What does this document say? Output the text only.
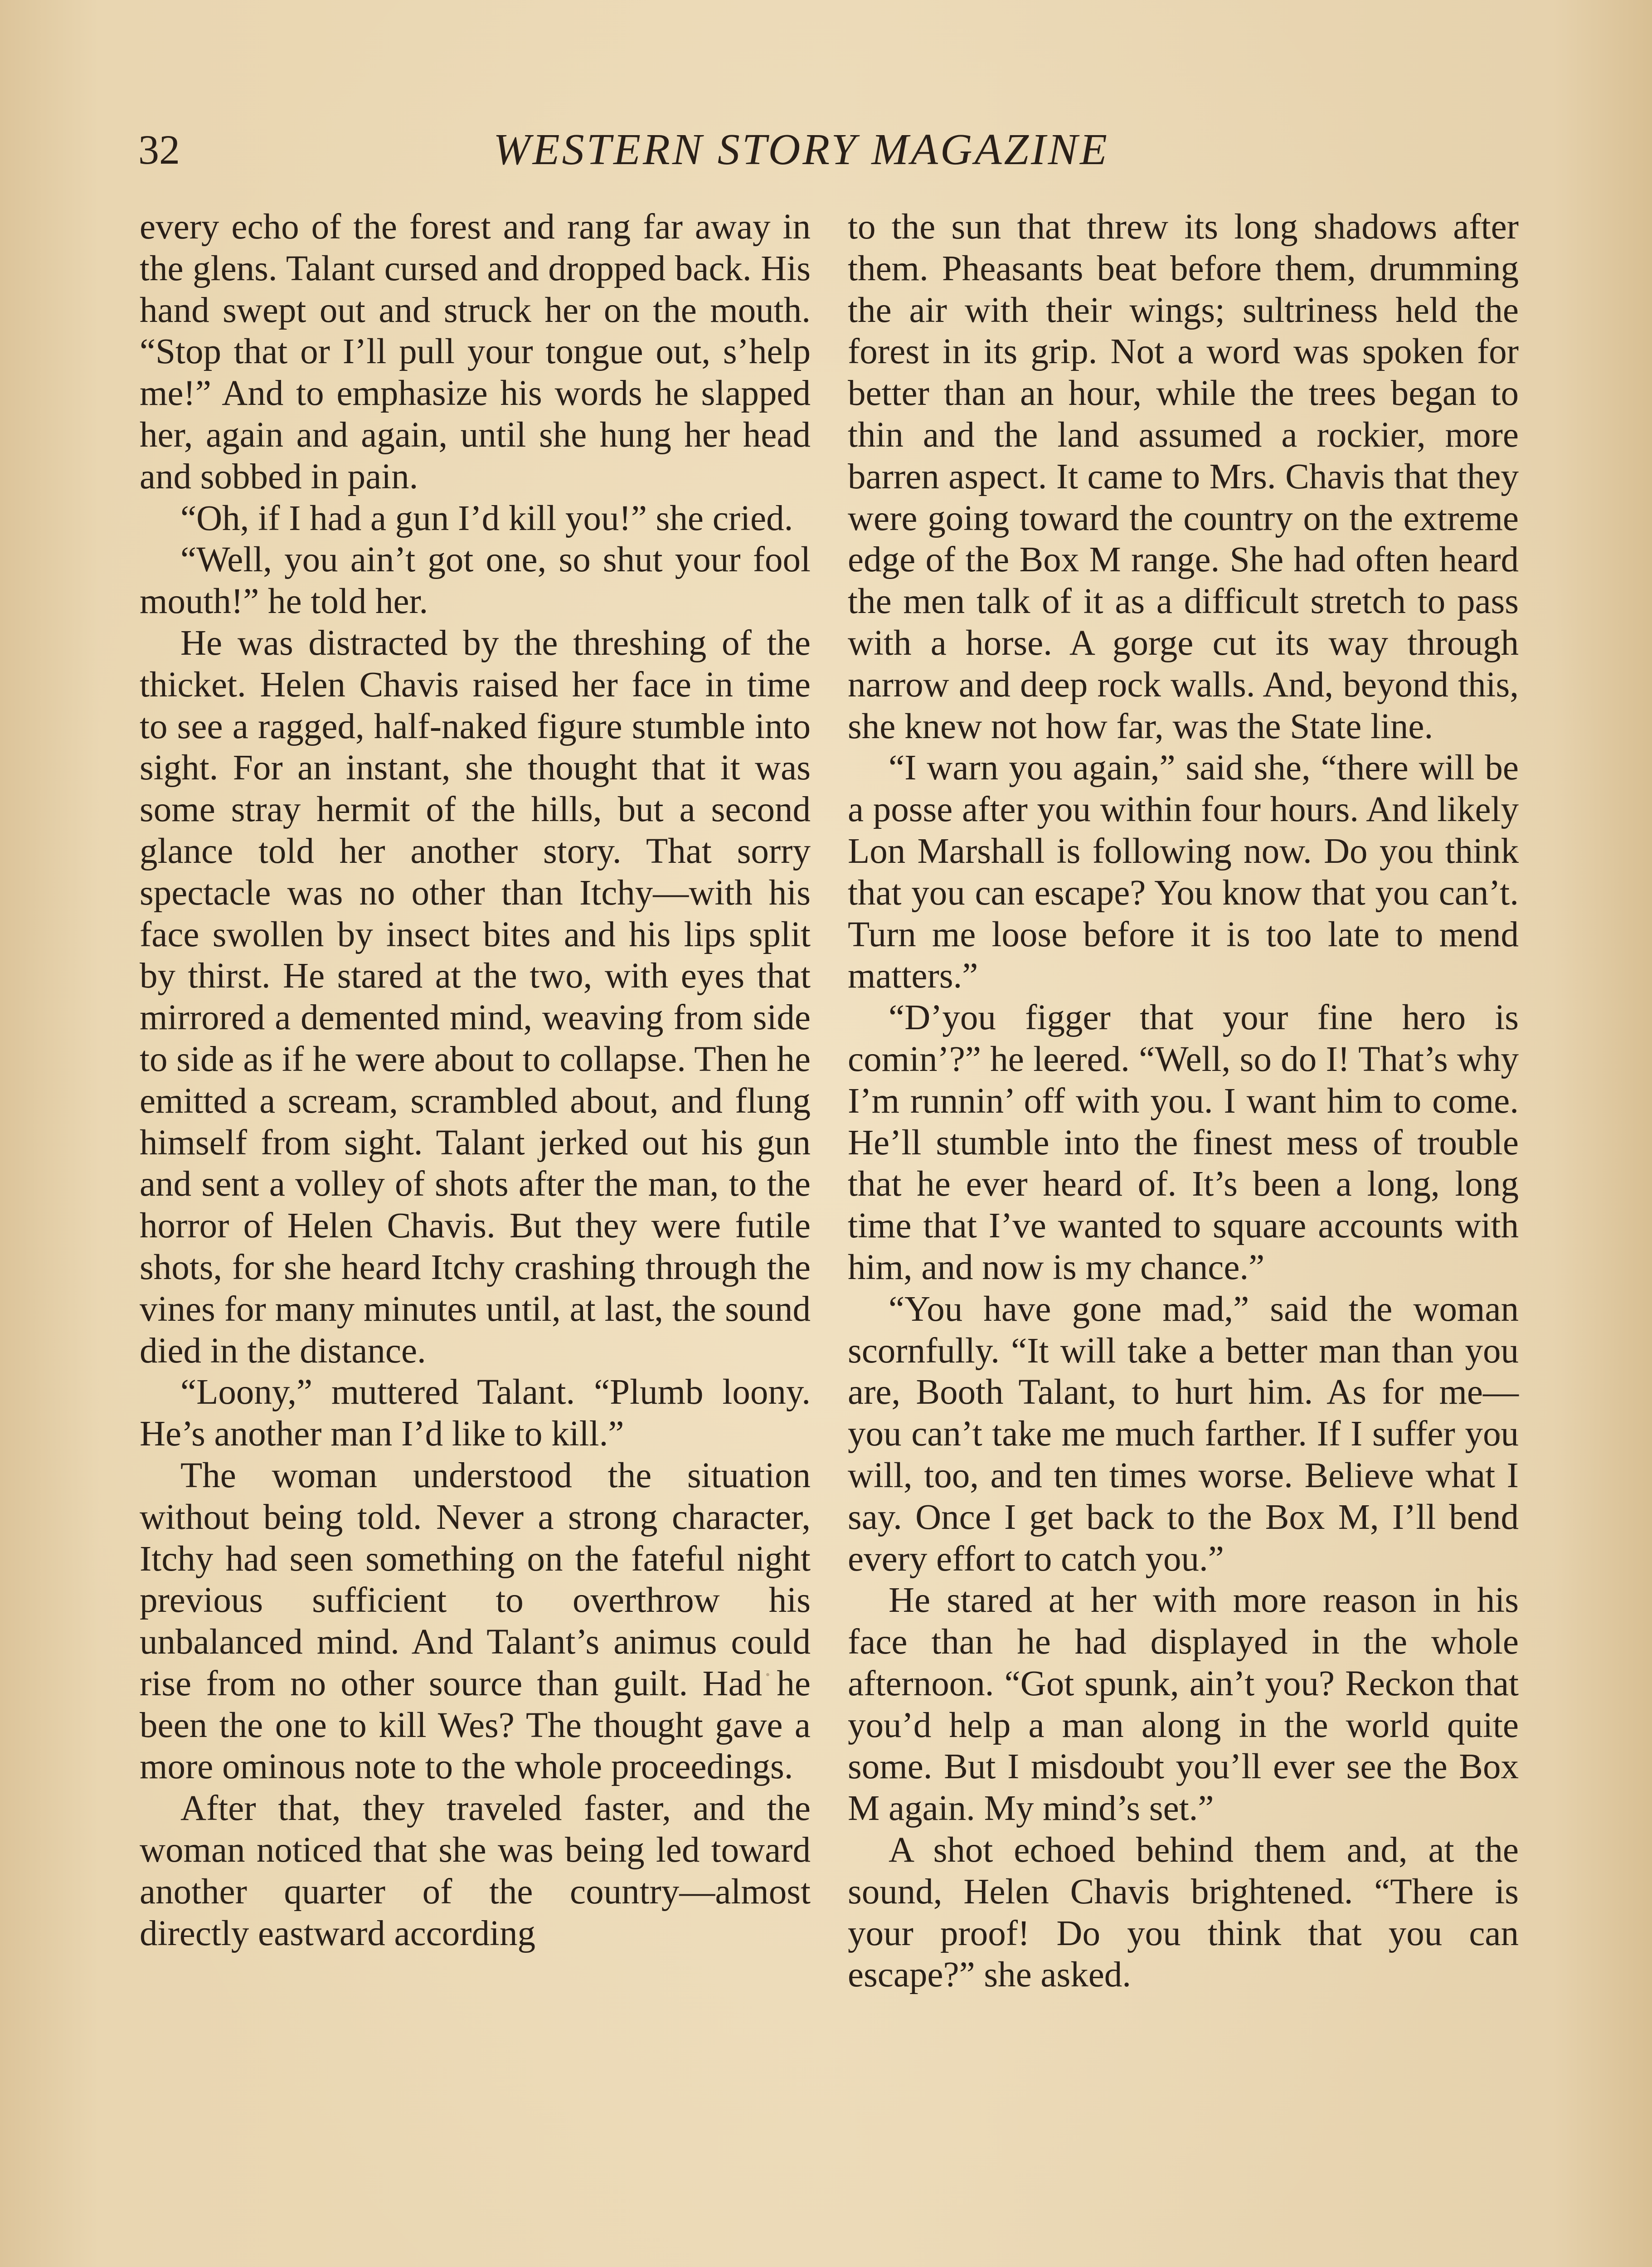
32	WESTERN STORY MAGAZINE

every echo of the forest and rang far away in the glens. Talant cursed and dropped back. His hand swept out and struck her on the mouth. “Stop that or I’ll pull your tongue out, s’help me!” And to emphasize his words he slapped her, again and again, until she hung her head and sobbed in pain.

“Oh, if I had a gun I’d kill you!” she cried.

“Well, you ain’t got one, so shut your fool mouth!” he told her.

He was distracted by the threshing of the thicket. Helen Chavis raised her face in time to see a ragged, half-naked figure stumble into sight. For an instant, she thought that it was some stray hermit of the hills, but a second glance told her another story. That sorry spectacle was no other than Itchy—with his face swollen by insect bites and his lips split by thirst. He stared at the two, with eyes that mirrored a demented mind, weaving from side to side as if he were about to collapse. Then he emitted a scream, scrambled about, and flung himself from sight. Talant jerked out his gun and sent a volley of shots after the man, to the horror of Helen Chavis. But they were futile shots, for she heard Itchy crashing through the vines for many minutes until, at last, the sound died in the distance.

“Loony,” muttered Talant. “Plumb loony. He’s another man I’d like to kill.”

The woman understood the situation without being told. Never a strong character, Itchy had seen something on the fateful night previous sufficient to overthrow his unbalanced mind. And Talant’s animus could rise from no other source than guilt. Had he been the one to kill Wes? The thought gave a more ominous note to the whole proceedings.

After that, they traveled faster, and the woman noticed that she was being led toward another quarter of the country—almost directly eastward according

to the sun that threw its long shadows after them. Pheasants beat before them, drumming the air with their wings; sultriness held the forest in its grip. Not a word was spoken for better than an hour, while the trees began to thin and the land assumed a rockier, more barren aspect. It came to Mrs. Chavis that they were going toward the country on the extreme edge of the Box M range. She had often heard the men talk of it as a difficult stretch to pass with a horse. A gorge cut its way through narrow and deep rock walls. And, beyond this, she knew not how far, was the State line.

“I warn you again,” said she, “there will be a posse after you within four hours. And likely Lon Marshall is following now. Do you think that you can escape? You know that you can’t. Turn me loose before it is too late to mend matters.”

“D’you figger that your fine hero is comin’?” he leered. “Well, so do I! That’s why I’m runnin’ off with you. I want him to come. He’ll stumble into the finest mess of trouble that he ever heard of. It’s been a long, long time that I’ve wanted to square accounts with him, and now is my chance.”

“You have gone mad,” said the woman scornfully. “It will take a better man than you are, Booth Talant, to hurt him. As for me—you can’t take me much farther. If I suffer you will, too, and ten times worse. Believe what I say. Once I get back to the Box M, I’ll bend every effort to catch you.”

He stared at her with more reason in his face than he had displayed in the whole afternoon. “Got spunk, ain’t you? Reckon that you’d help a man along in the world quite some. But I misdoubt you’ll ever see the Box M again. My mind’s set.”

A shot echoed behind them and, at the sound, Helen Chavis brightened. “There is your proof! Do you think that you can escape?” she asked.
